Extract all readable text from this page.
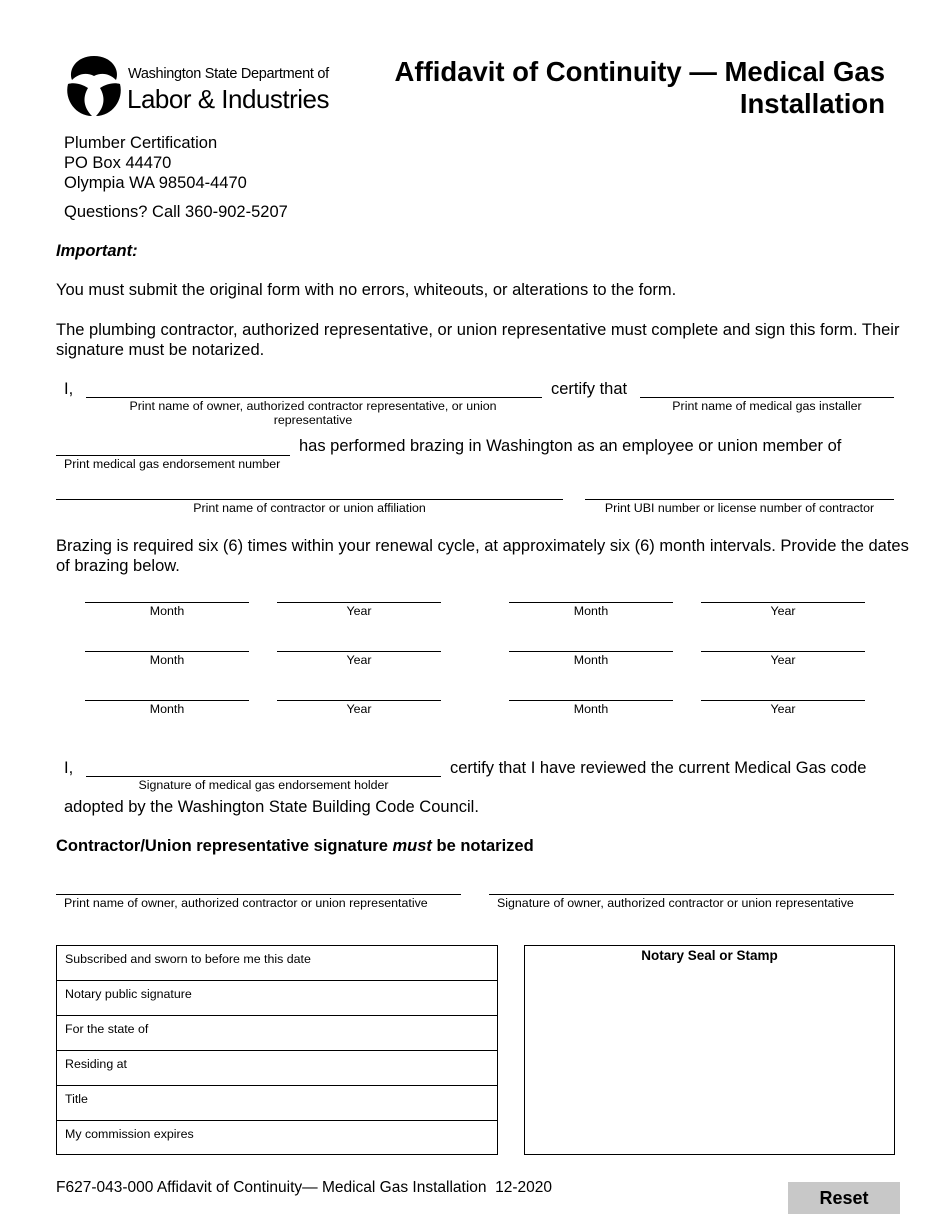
Washington State Department of
Labor & Industries
Affidavit of Continuity — Medical Gas Installation
Plumber Certification
PO Box 44470
Olympia WA 98504-4470
Questions? Call 360-902-5207
Important:
You must submit the original form with no errors, whiteouts, or alterations to the form.
The plumbing contractor, authorized representative, or union representative must complete and sign this form. Their signature must be notarized.
I,	certify that
Print name of owner, authorized contractor representative, or union representative
Print name of medical gas installer
has performed brazing in Washington as an employee or union member of
Print medical gas endorsement number
Print name of contractor or union affiliation	Print UBI number or license number of contractor
Brazing is required six (6) times within your renewal cycle, at approximately six (6) month intervals. Provide the dates of brazing below.
Month	Year	Month	Year
Month	Year	Month	Year
Month	Year	Month	Year
I,	certify that I have reviewed the current Medical Gas code
Signature of medical gas endorsement holder
adopted by the Washington State Building Code Council.
Contractor/Union representative signature must be notarized
Print name of owner, authorized contractor or union representative	Signature of owner, authorized contractor or union representative
Subscribed and sworn to before me this date
Notary public signature
For the state of
Residing at
Title
My commission expires
Notary Seal or Stamp
F627-043-000 Affidavit of Continuity— Medical Gas Installation  12-2020	Reset
